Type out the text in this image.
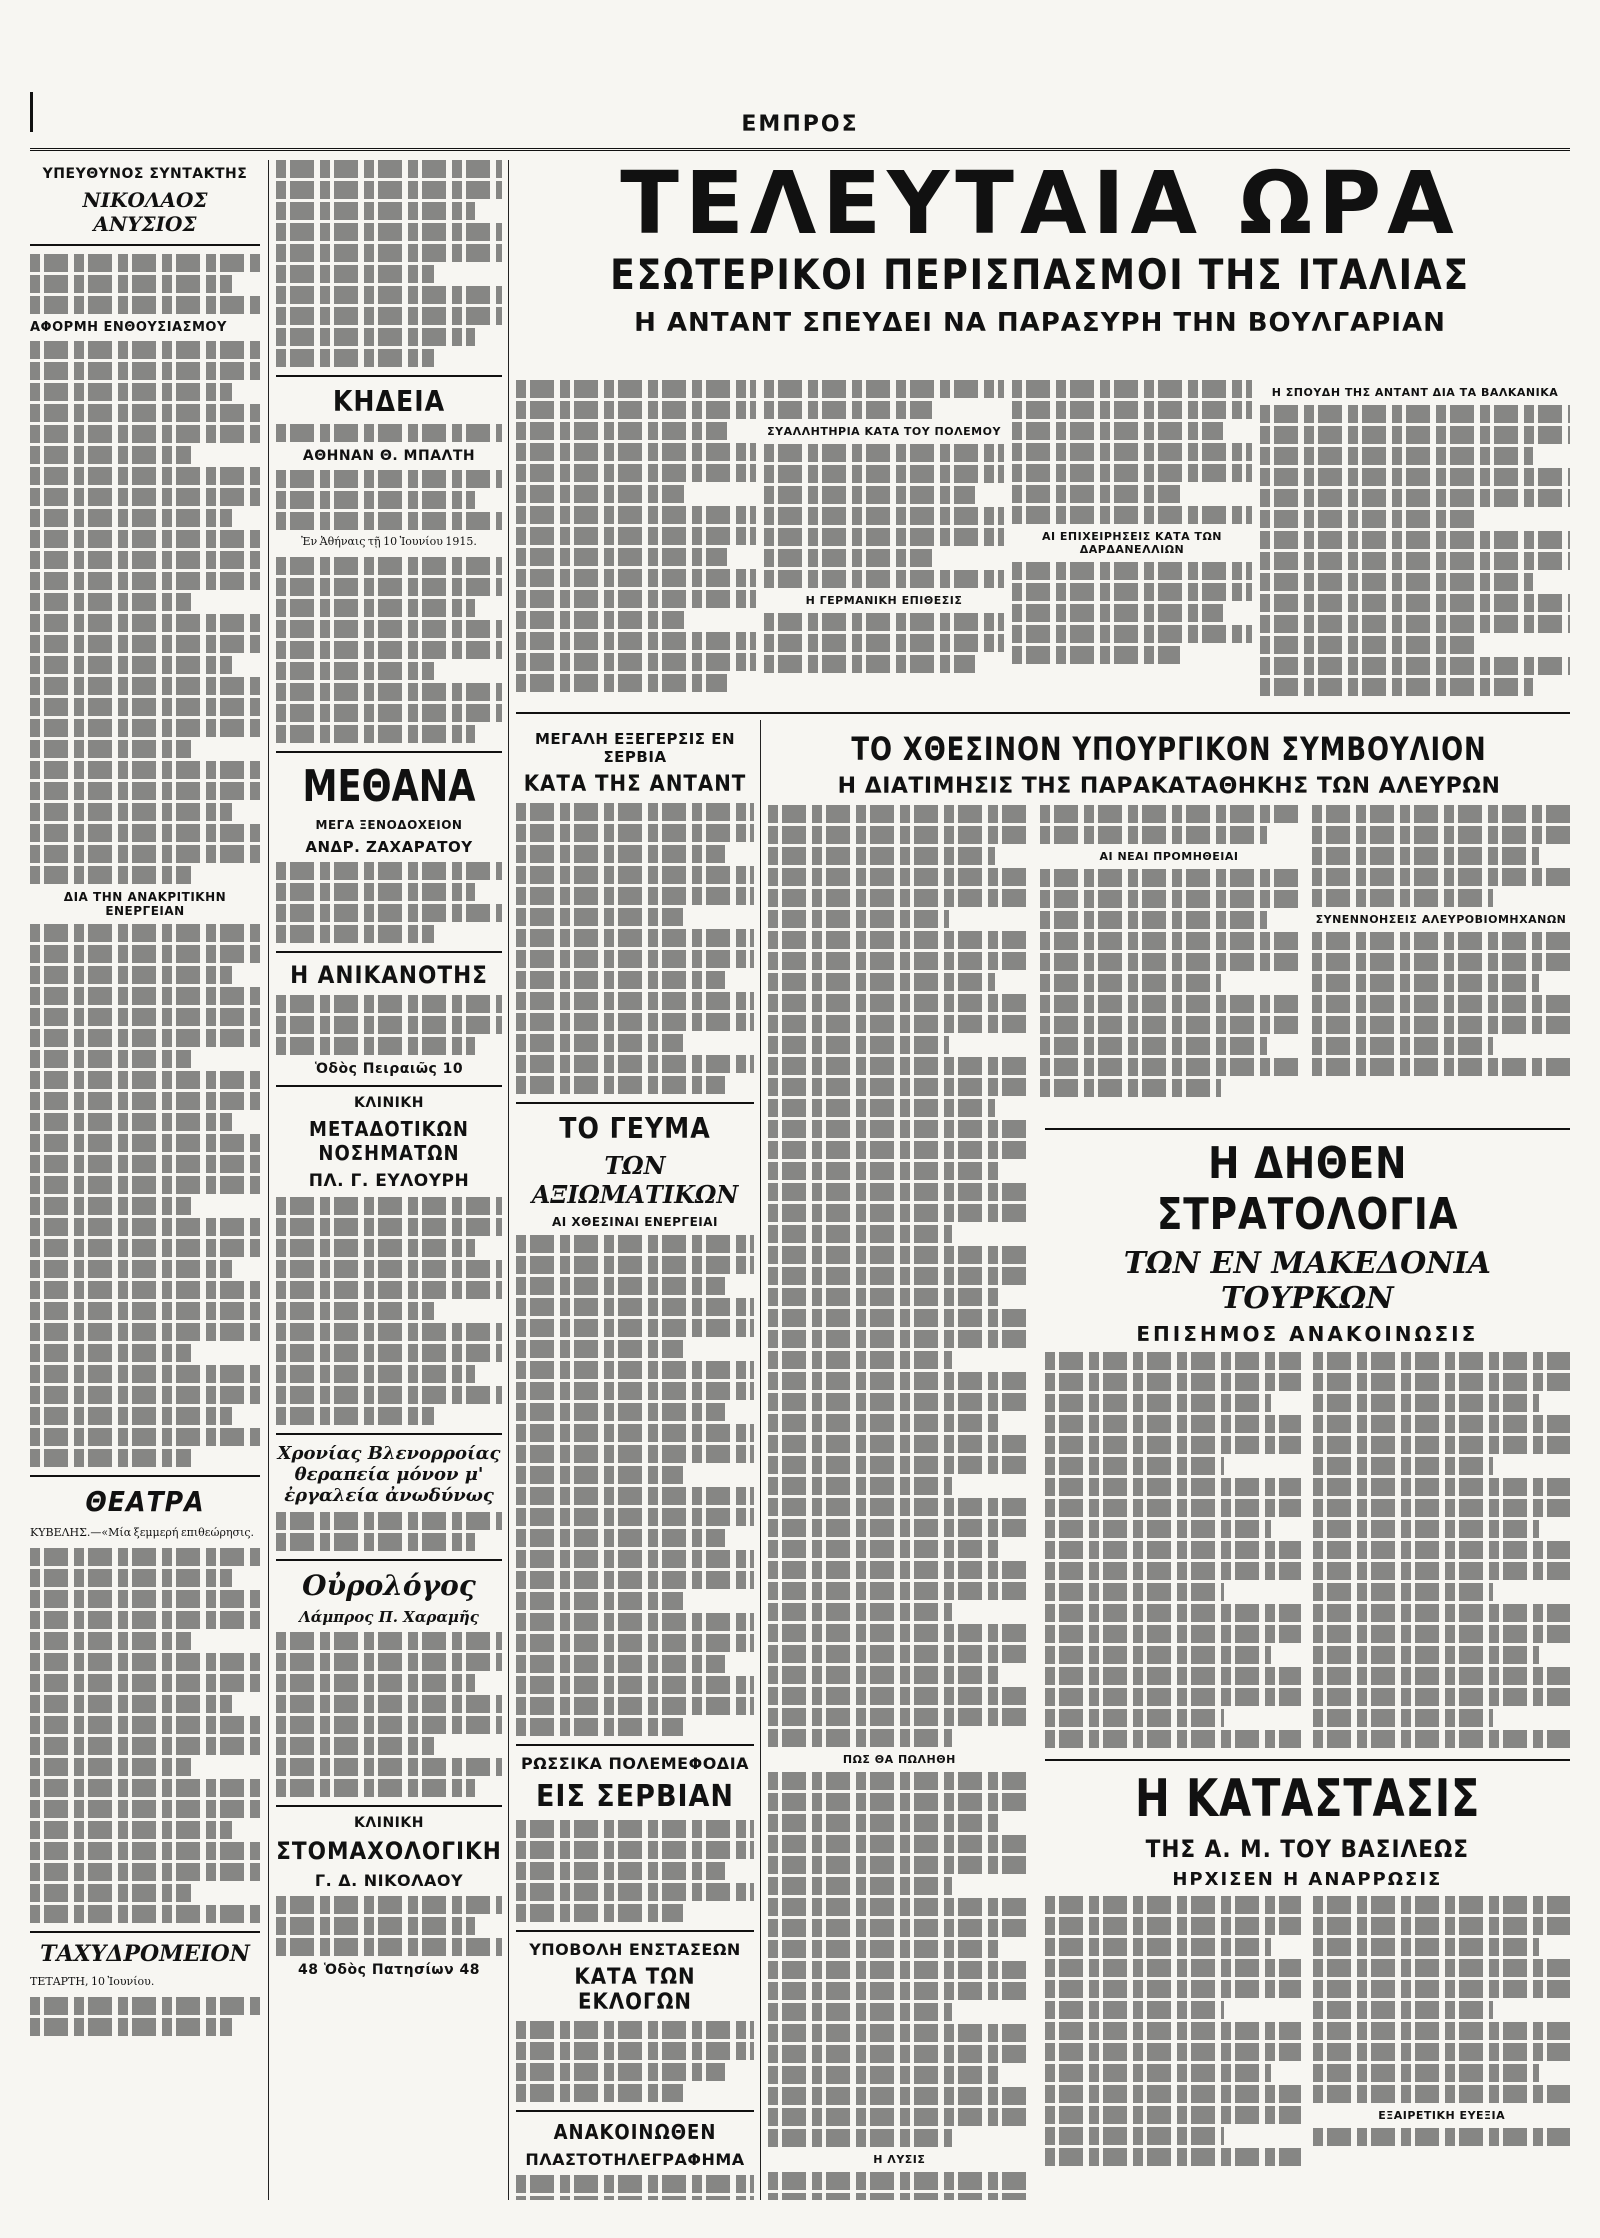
ΕΜΠΡΟΣ
ΥΠΕΥΘΥΝΟΣ ΣΥΝΤΑΚΤΗΣ
ΝΙΚΟΛΑΟΣ ΑΝΥΣΙΟΣ
ΑΦΟΡΜΗ ΕΝΘΟΥΣΙΑΣΜΟΥ
ΔΙΑ ΤΗΝ ΑΝΑΚΡΙΤΙΚΗΝ ΕΝΕΡΓΕΙΑΝ
ΘΕΑΤΡΑ
ΚΥΒΕΛΗΣ.—«Μία ξεμμερή επιθεώρησις.
ΤΑΧΥΔΡΟΜΕΙΟΝ
ΤΕΤΑΡΤΗ, 10 Ἰουνίου.
ΚΗΔΕΙΑ
ΑΘΗΝΑΝ Θ. ΜΠΑΛΤΗ
Ἐν Ἀθήναις τῇ 10 Ἰουνίου 1915.
ΜΕΘΑΝΑ
ΜΕΓΑ ΞΕΝΟΔΟΧΕΙΟΝ
ΑΝΔΡ. ΖΑΧΑΡΑΤΟΥ
Η ΑΝΙΚΑΝΟΤΗΣ
Ὁδὸς Πειραιῶς 10
ΚΛΙΝΙΚΗ
ΜΕΤΑΔΟΤΙΚΩΝ ΝΟΣΗΜΑΤΩΝ
ΠΛ. Γ. ΕΥΛΟΥΡΗ
Χρονίας Βλενορροίας θεραπεία μόνον μ' ἐργαλεία ἀνωδύνως
Οὐρολόγος
Λάμπρος Π. Χαραμῆς
ΚΛΙΝΙΚΗ
ΣΤΟΜΑΧΟΛΟΓΙΚΗ
Γ. Δ. ΝΙΚΟΛΑΟΥ
48 Ὁδὸς Πατησίων 48
ΤΕΛΕΥΤΑΙΑ ΩΡΑ
ΕΣΩΤΕΡΙΚΟΙ ΠΕΡΙΣΠΑΣΜΟΙ ΤΗΣ ΙΤΑΛΙΑΣ
Η ΑΝΤΑΝΤ ΣΠΕΥΔΕΙ ΝΑ ΠΑΡΑΣΥΡΗ ΤΗΝ ΒΟΥΛΓΑΡΙΑΝ
ΣΥΑΛΛΗΤΗΡΙΑ ΚΑΤΑ ΤΟΥ ΠΟΛΕΜΟΥ
Η ΓΕΡΜΑΝΙΚΗ ΕΠΙΘΕΣΙΣ
ΑΙ ΕΠΙΧΕΙΡΗΣΕΙΣ ΚΑΤΑ ΤΩΝ ΔΑΡΔΑΝΕΛΛΙΩΝ
Η ΣΠΟΥΔΗ ΤΗΣ ΑΝΤΑΝΤ ΔΙΑ ΤΑ ΒΑΛΚΑΝΙΚΑ
ΜΕΓΑΛΗ ΕΞΕΓΕΡΣΙΣ ΕΝ ΣΕΡΒΙΑ
ΚΑΤΑ ΤΗΣ ΑΝΤΑΝΤ
ΤΟ ΓΕΥΜΑ
ΤΩΝ ΑΞΙΩΜΑΤΙΚΩΝ
ΑΙ ΧΘΕΣΙΝΑΙ ΕΝΕΡΓΕΙΑΙ
ΡΩΣΣΙΚΑ ΠΟΛΕΜΕΦΟΔΙΑ
ΕΙΣ ΣΕΡΒΙΑΝ
ΥΠΟΒΟΛΗ ΕΝΣΤΑΣΕΩΝ
ΚΑΤΑ ΤΩΝ ΕΚΛΟΓΩΝ
ΑΝΑΚΟΙΝΩΘΕΝ
ΠΛΑΣΤΟΤΗΛΕΓΡΑΦΗΜΑ
ΤΟ ΧΘΕΣΙΝΟΝ ΥΠΟΥΡΓΙΚΟΝ ΣΥΜΒΟΥΛΙΟΝ
Η ΔΙΑΤΙΜΗΣΙΣ ΤΗΣ ΠΑΡΑΚΑΤΑΘΗΚΗΣ ΤΩΝ ΑΛΕΥΡΩΝ
ΑΙ ΝΕΑΙ ΠΡΟΜΗΘΕΙΑΙ
ΣΥΝΕΝΝΟΗΣΕΙΣ ΑΛΕΥΡΟΒΙΟΜΗΧΑΝΩΝ
ΠΩΣ ΘΑ ΠΩΛΗΘΗ
Η ΛΥΣΙΣ
Η ΔΗΘΕΝ ΣΤΡΑΤΟΛΟΓΙΑ
ΤΩΝ ΕΝ ΜΑΚΕΔΟΝΙΑ ΤΟΥΡΚΩΝ
ΕΠΙΣΗΜΟΣ ΑΝΑΚΟΙΝΩΣΙΣ
Η ΚΑΤΑΣΤΑΣΙΣ
ΤΗΣ Α. Μ. ΤΟΥ ΒΑΣΙΛΕΩΣ
ΗΡΧΙΣΕΝ Η ΑΝΑΡΡΩΣΙΣ
ΕΞΑΙΡΕΤΙΚΗ ΕΥΕΞΙΑ
